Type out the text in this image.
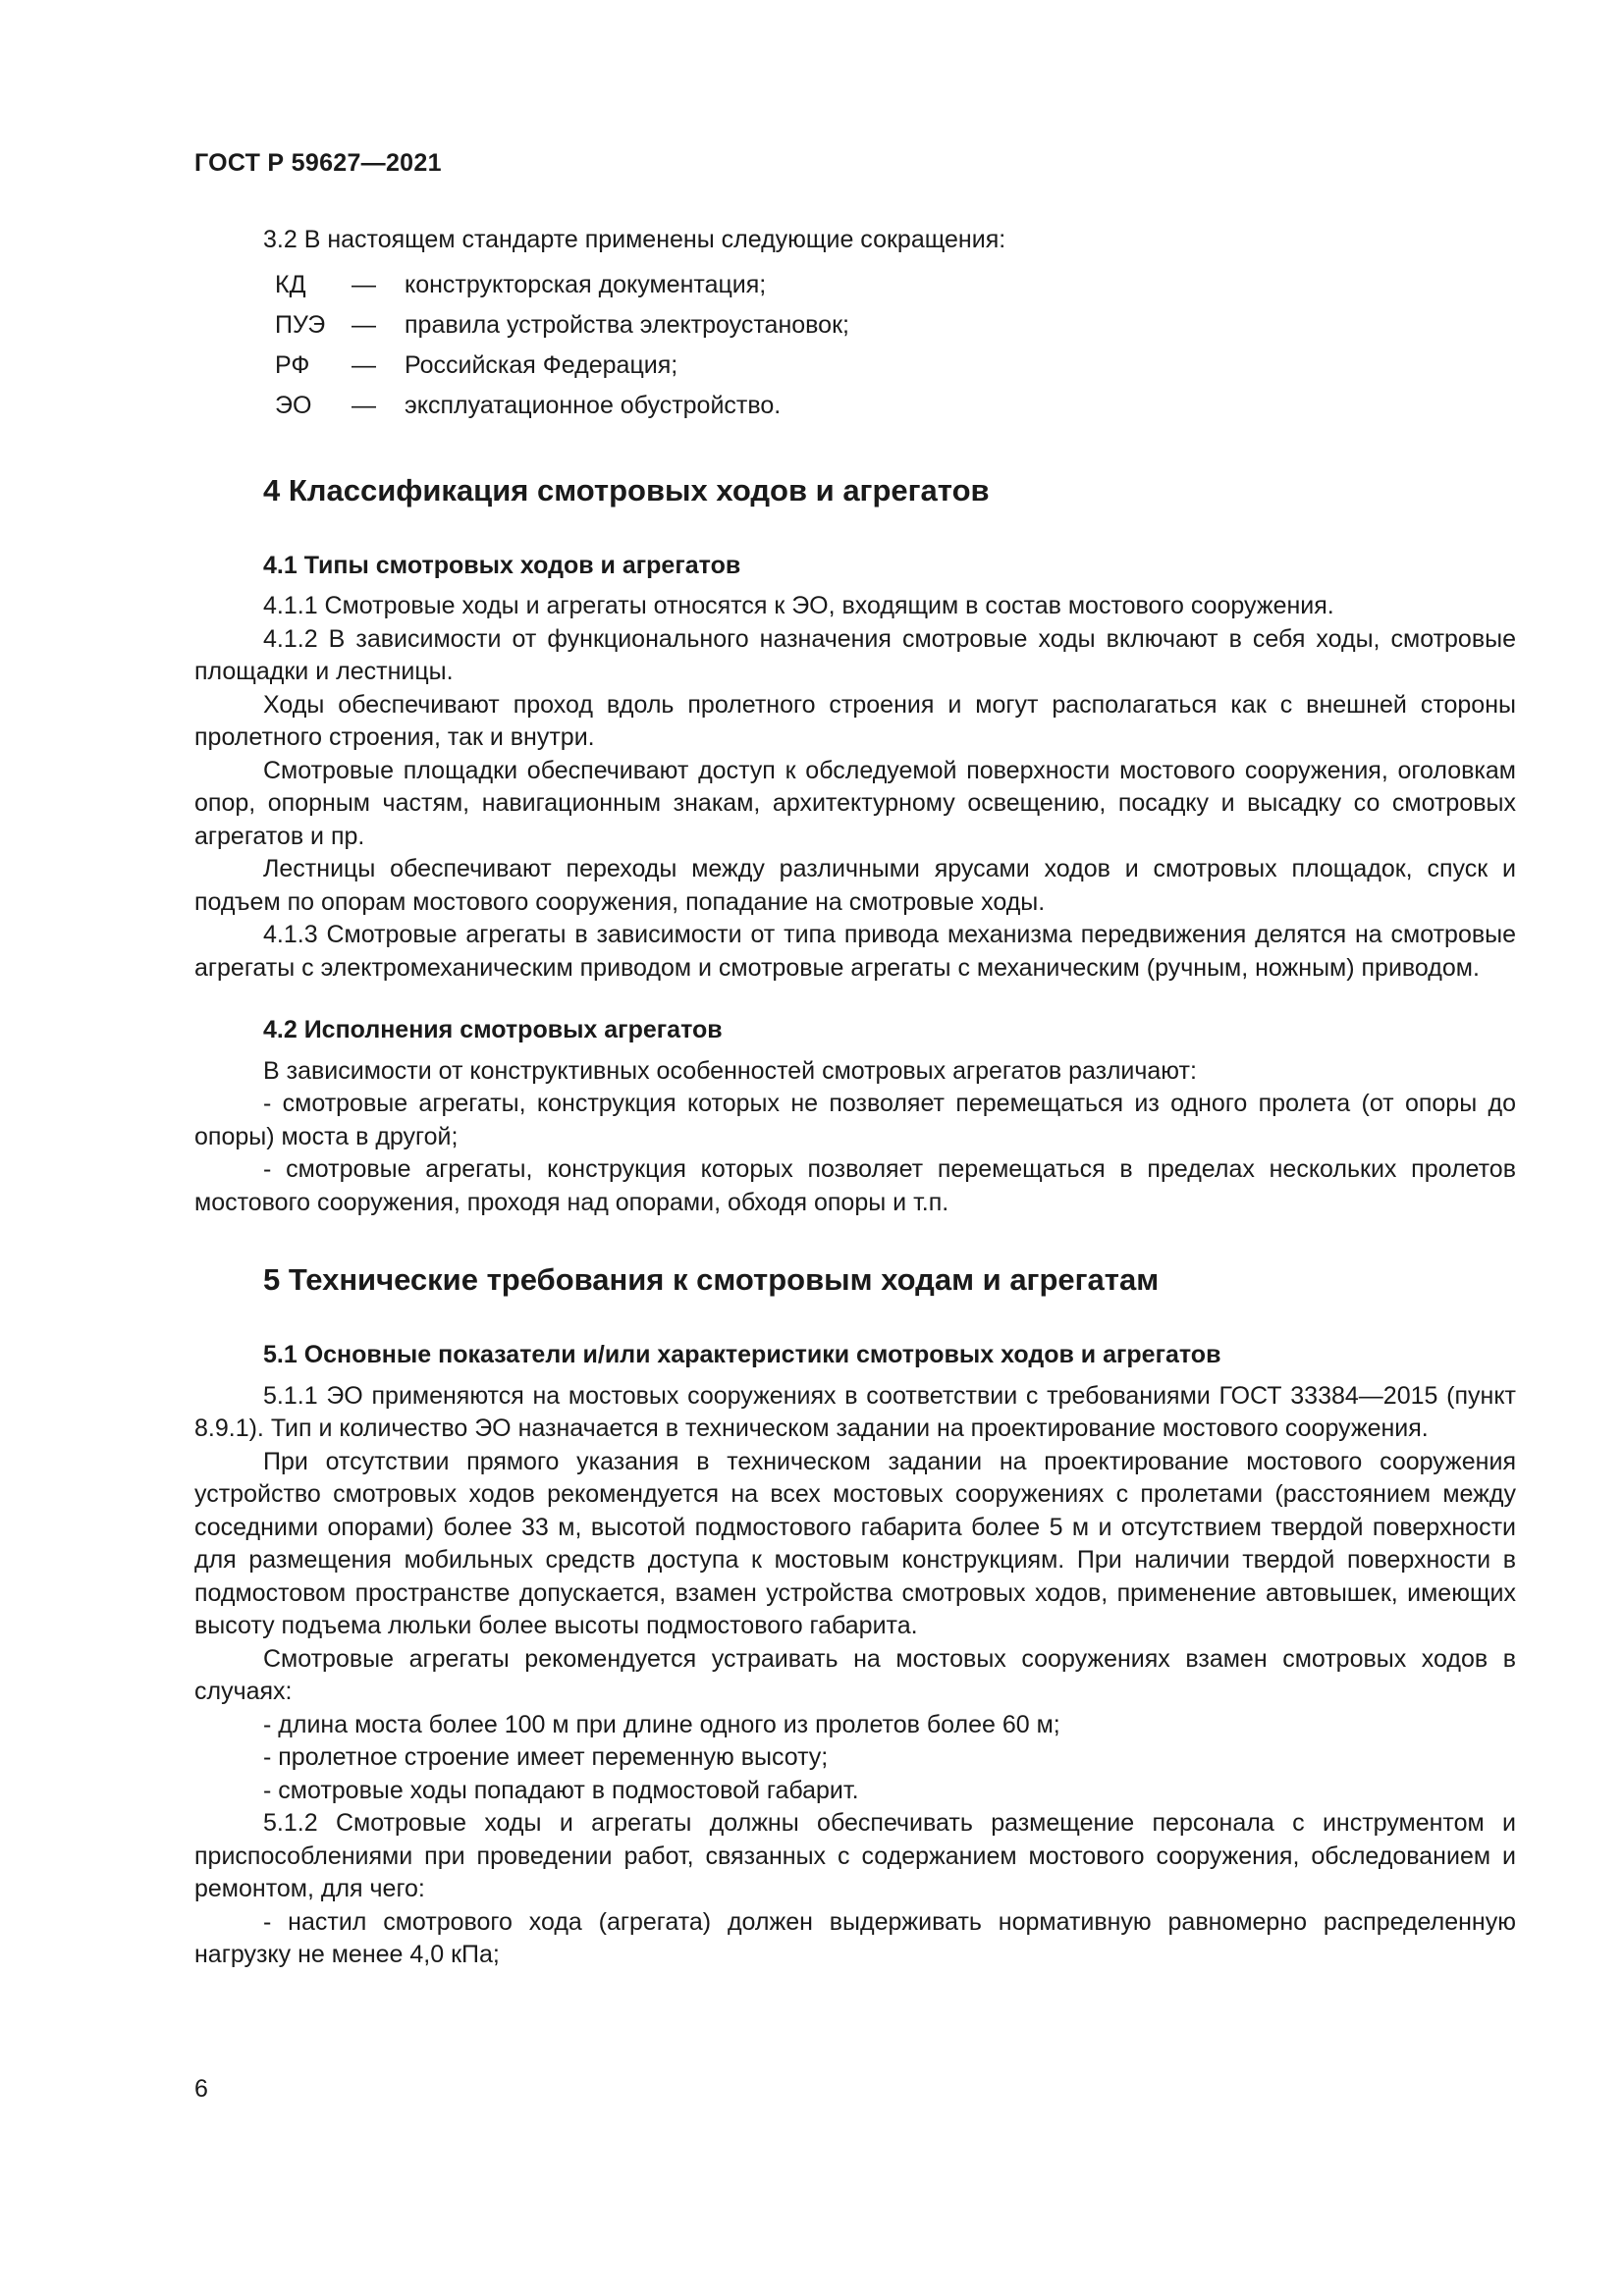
ГОСТ Р 59627—2021

3.2 В настоящем стандарте применены следующие сокращения:

КД	—	конструкторская документация;
ПУЭ	—	правила устройства электроустановок;
РФ	—	Российская Федерация;
ЭО	—	эксплуатационное обустройство.
4 Классификация смотровых ходов и агрегатов
4.1 Типы смотровых ходов и агрегатов

4.1.1 Смотровые ходы и агрегаты относятся к ЭО, входящим в состав мостового сооружения.

4.1.2 В зависимости от функционального назначения смотровые ходы включают в себя ходы, смотровые площадки и лестницы.

Ходы обеспечивают проход вдоль пролетного строения и могут располагаться как с внешней стороны пролетного строения, так и внутри.

Смотровые площадки обеспечивают доступ к обследуемой поверхности мостового сооружения, оголовкам опор, опорным частям, навигационным знакам, архитектурному освещению, посадку и высадку со смотровых агрегатов и пр.

Лестницы обеспечивают переходы между различными ярусами ходов и смотровых площадок, спуск и подъем по опорам мостового сооружения, попадание на смотровые ходы.

4.1.3 Смотровые агрегаты в зависимости от типа привода механизма передвижения делятся на смотровые агрегаты с электромеханическим приводом и смотровые агрегаты с механическим (ручным, ножным) приводом.

4.2 Исполнения смотровых агрегатов

В зависимости от конструктивных особенностей смотровых агрегатов различают:

- смотровые агрегаты, конструкция которых не позволяет перемещаться из одного пролета (от опоры до опоры) моста в другой;

- смотровые агрегаты, конструкция которых позволяет перемещаться в пределах нескольких пролетов мостового сооружения, проходя над опорами, обходя опоры и т.п.

5 Технические требования к смотровым ходам и агрегатам
5.1 Основные показатели и/или характеристики смотровых ходов и агрегатов

5.1.1 ЭО применяются на мостовых сооружениях в соответствии с требованиями ГОСТ 33384—2015 (пункт 8.9.1). Тип и количество ЭО назначается в техническом задании на проектирование мостового сооружения.

При отсутствии прямого указания в техническом задании на проектирование мостового сооружения устройство смотровых ходов рекомендуется на всех мостовых сооружениях с пролетами (расстоянием между соседними опорами) более 33 м, высотой подмостового габарита более 5 м и отсутствием твердой поверхности для размещения мобильных средств доступа к мостовым конструкциям. При наличии твердой поверхности в подмостовом пространстве допускается, взамен устройства смотровых ходов, применение автовышек, имеющих высоту подъема люльки более высоты подмостового габарита.

Смотровые агрегаты рекомендуется устраивать на мостовых сооружениях взамен смотровых ходов в случаях:

- длина моста более 100 м при длине одного из пролетов более 60 м;

- пролетное строение имеет переменную высоту;

- смотровые ходы попадают в подмостовой габарит.

5.1.2 Смотровые ходы и агрегаты должны обеспечивать размещение персонала с инструментом и приспособлениями при проведении работ, связанных с содержанием мостового сооружения, обследованием и ремонтом, для чего:

- настил смотрового хода (агрегата) должен выдерживать нормативную равномерно распределенную нагрузку не менее 4,0 кПа;

6
